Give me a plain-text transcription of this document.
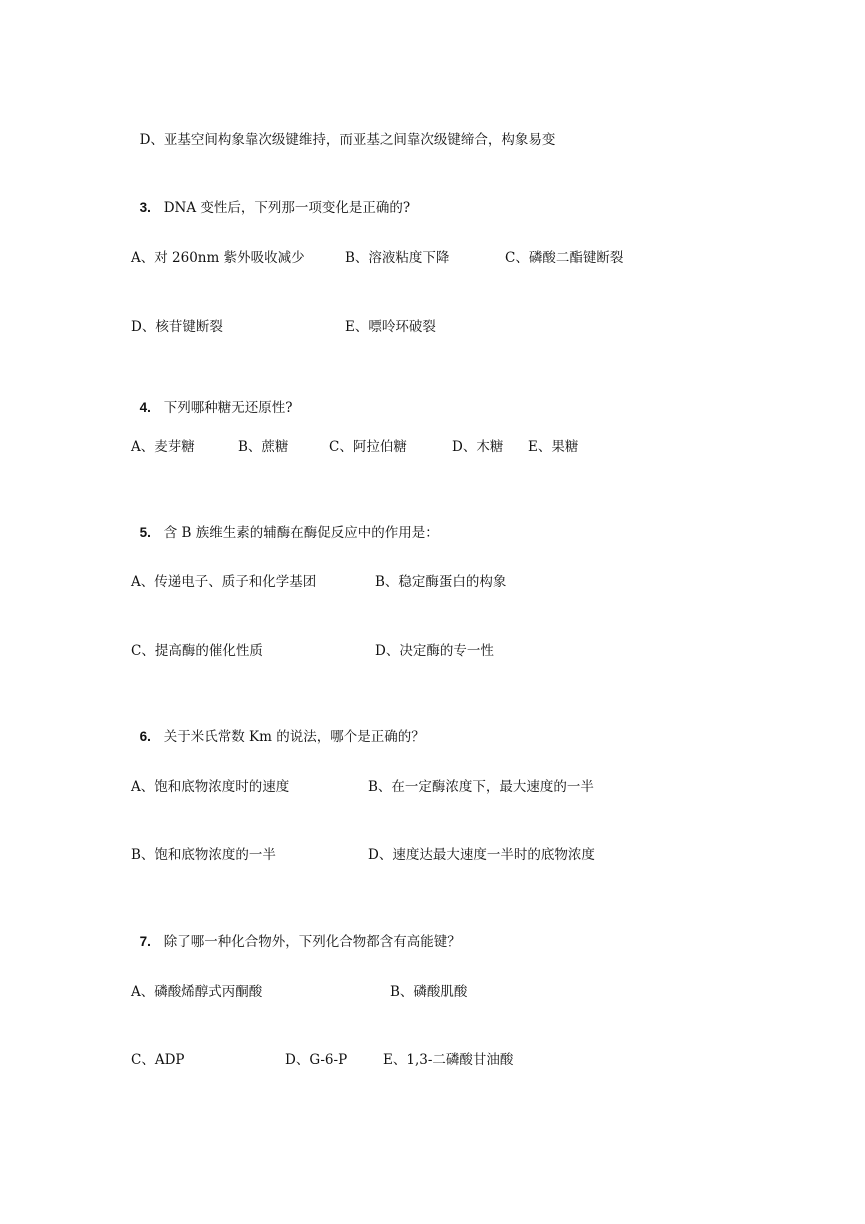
D、亚基空间构象靠次级键维持，而亚基之间靠次级键缔合，构象易变

3. DNA 变性后，下列那一项变化是正确的?

A、对 260nm 紫外吸收减少	B、溶液粘度下降	C、磷酸二酯键断裂
D、核苷键断裂	E、嘌呤环破裂

4. 下列哪种糖无还原性?

A、麦芽糖	B、蔗糖	C、阿拉伯糖	D、木糖 E、果糖

5. 含 B 族维生素的辅酶在酶促反应中的作用是：

A、传递电子、质子和化学基团	B、稳定酶蛋白的构象
C、提高酶的催化性质	D、决定酶的专一性

6. 关于米氏常数 Km 的说法，哪个是正确的？

A、饱和底物浓度时的速度	B、在一定酶浓度下，最大速度的一半
B、饱和底物浓度的一半	D、速度达最大速度一半时的底物浓度

7. 除了哪一种化合物外，下列化合物都含有高能键？

A、磷酸烯醇式丙酮酸	B、磷酸肌酸
C、ADP	D、G-6-P	E、1,3-二磷酸甘油酸
